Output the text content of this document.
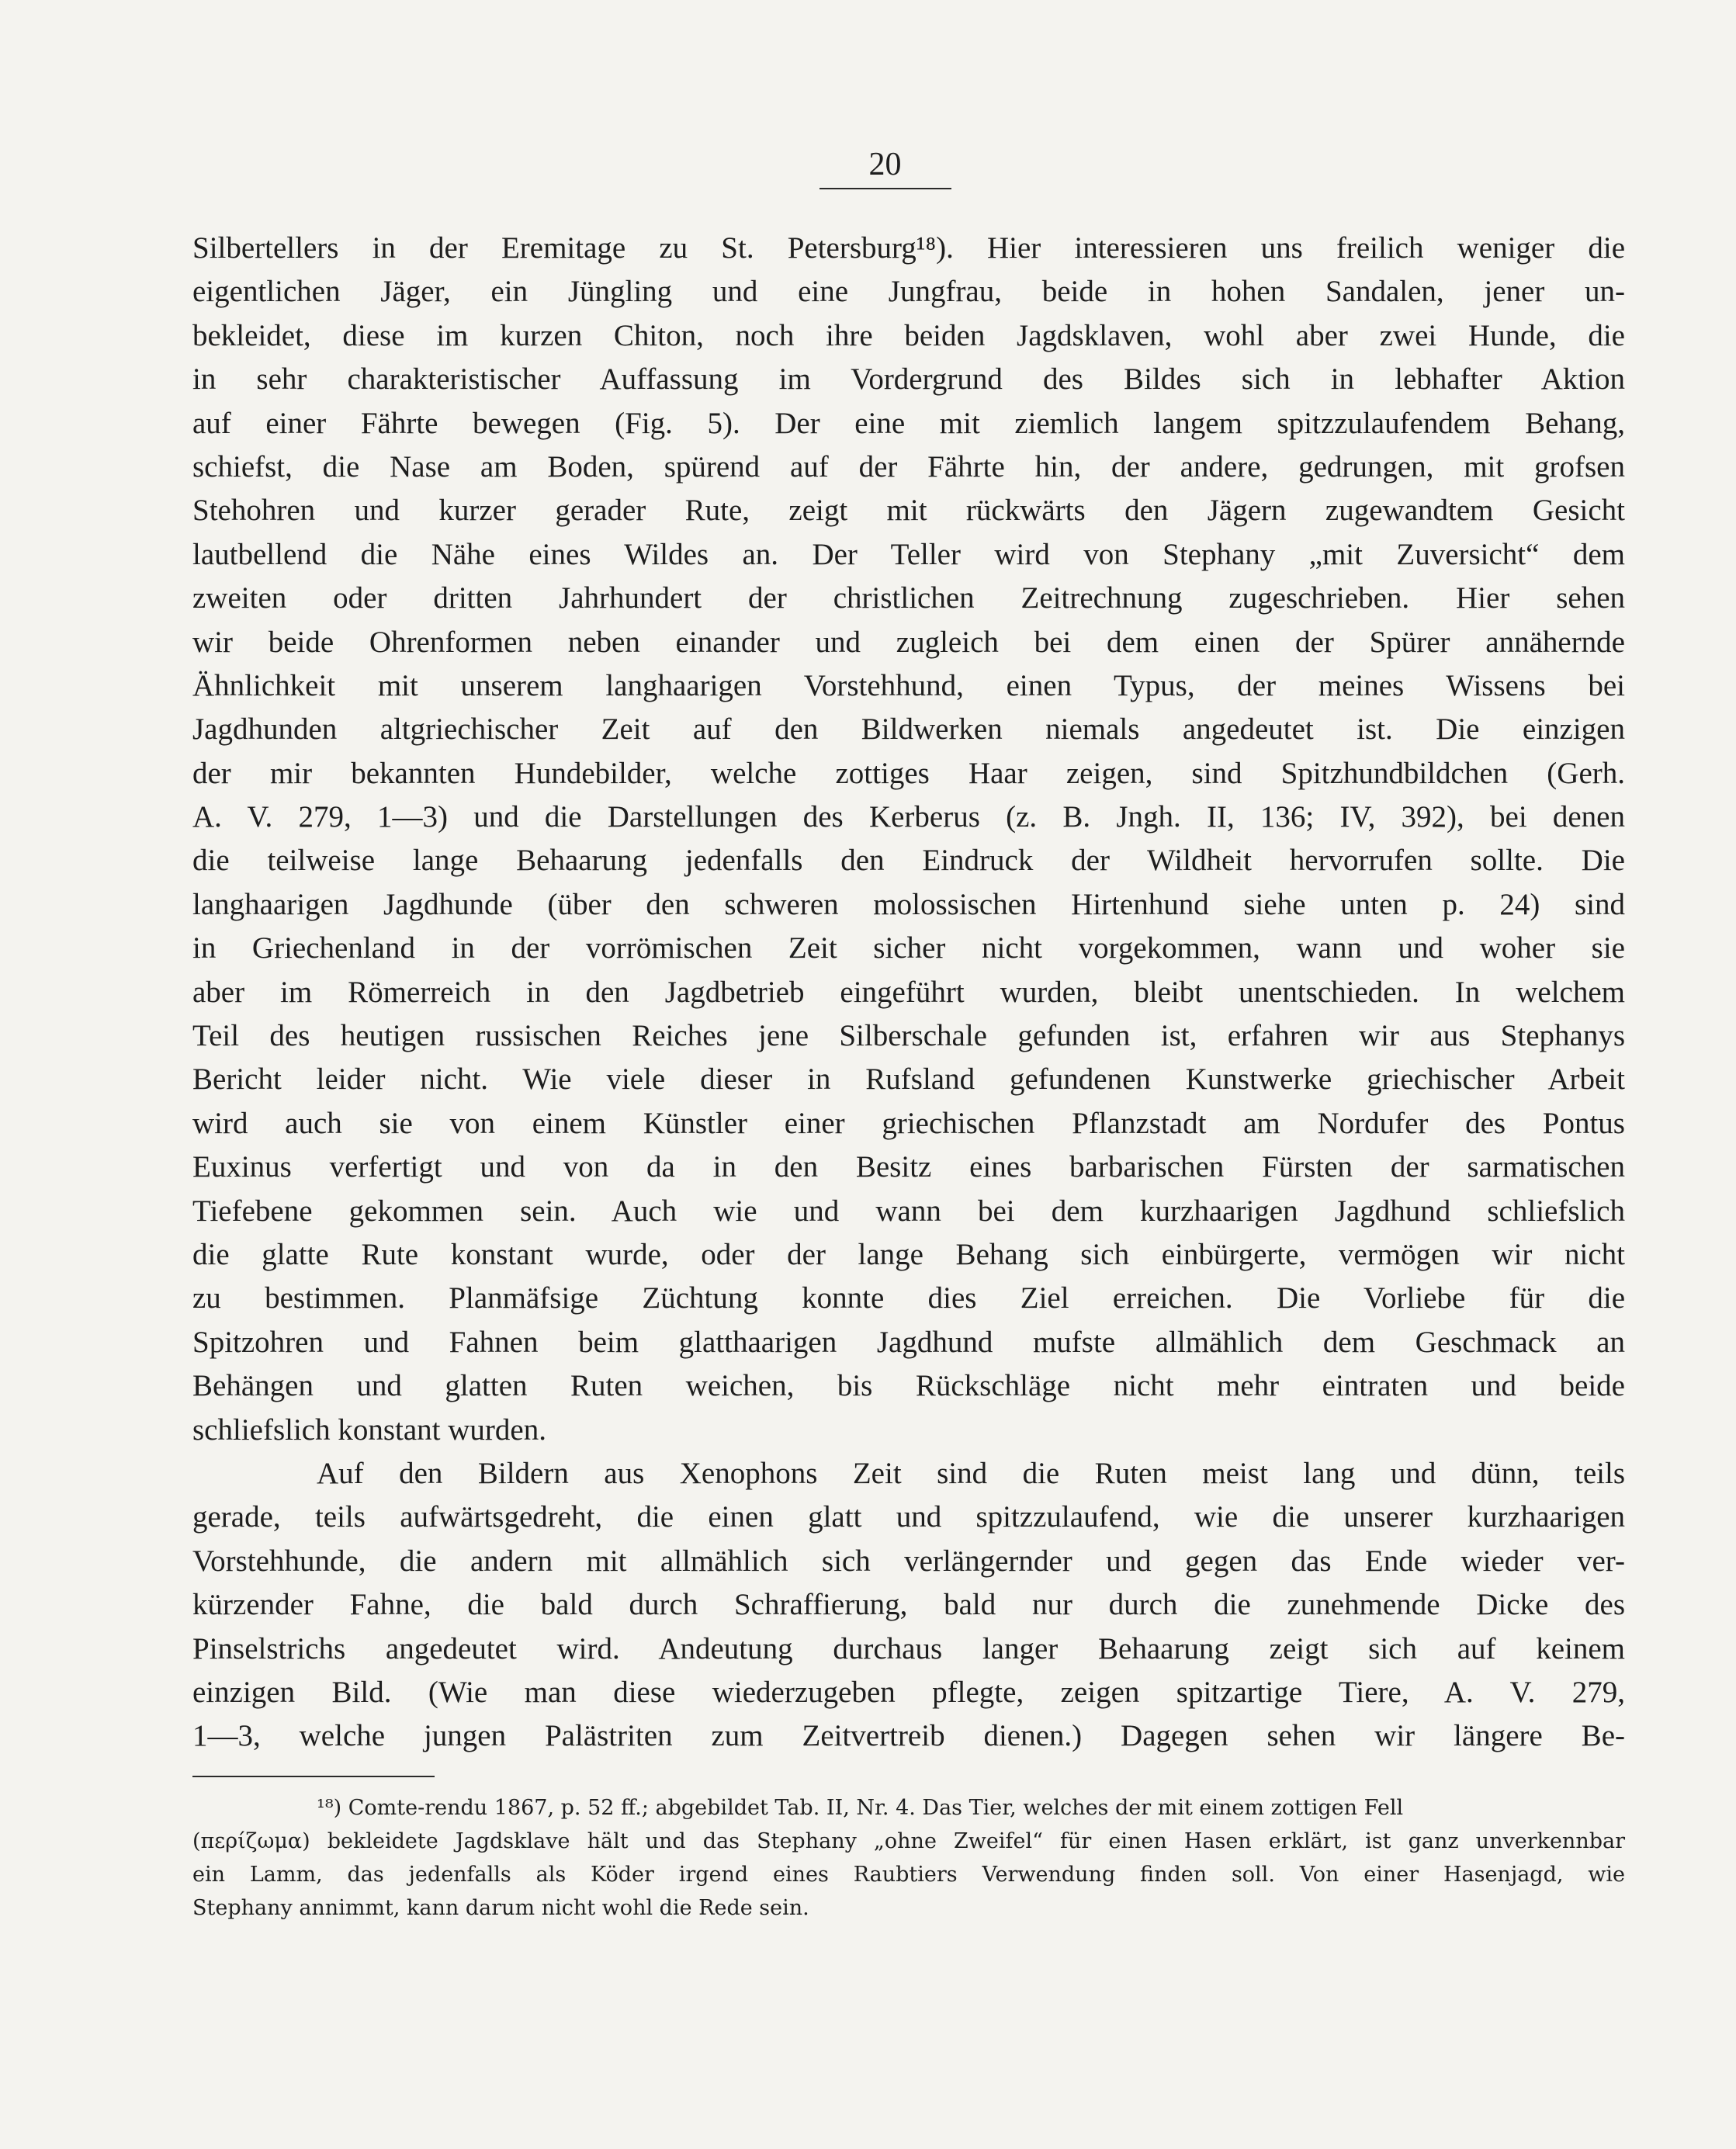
20
Silbertellers in der Eremitage zu St. Petersburg¹⁸). Hier interessieren uns freilich weniger die
eigentlichen Jäger, ein Jüngling und eine Jungfrau, beide in hohen Sandalen, jener un-
bekleidet, diese im kurzen Chiton, noch ihre beiden Jagdsklaven, wohl aber zwei Hunde, die
in sehr charakteristischer Auffassung im Vordergrund des Bildes sich in lebhafter Aktion
auf einer Fährte bewegen (Fig. 5). Der eine mit ziemlich langem spitzzulaufendem Behang,
schiefst, die Nase am Boden, spürend auf der Fährte hin, der andere, gedrungen, mit grofsen
Stehohren und kurzer gerader Rute, zeigt mit rückwärts den Jägern zugewandtem Gesicht
lautbellend die Nähe eines Wildes an. Der Teller wird von Stephany „mit Zuversicht“ dem
zweiten oder dritten Jahrhundert der christlichen Zeitrechnung zugeschrieben. Hier sehen
wir beide Ohrenformen neben einander und zugleich bei dem einen der Spürer annähernde
Ähnlichkeit mit unserem langhaarigen Vorstehhund, einen Typus, der meines Wissens bei
Jagdhunden altgriechischer Zeit auf den Bildwerken niemals angedeutet ist. Die einzigen
der mir bekannten Hundebilder, welche zottiges Haar zeigen, sind Spitzhundbildchen (Gerh.
A. V. 279, 1—3) und die Darstellungen des Kerberus (z. B. Jngh. II, 136; IV, 392), bei denen
die teilweise lange Behaarung jedenfalls den Eindruck der Wildheit hervorrufen sollte. Die
langhaarigen Jagdhunde (über den schweren molossischen Hirtenhund siehe unten p. 24) sind
in Griechenland in der vorrömischen Zeit sicher nicht vorgekommen, wann und woher sie
aber im Römerreich in den Jagdbetrieb eingeführt wurden, bleibt unentschieden. In welchem
Teil des heutigen russischen Reiches jene Silberschale gefunden ist, erfahren wir aus Stephanys
Bericht leider nicht. Wie viele dieser in Rufsland gefundenen Kunstwerke griechischer Arbeit
wird auch sie von einem Künstler einer griechischen Pflanzstadt am Nordufer des Pontus
Euxinus verfertigt und von da in den Besitz eines barbarischen Fürsten der sarmatischen
Tiefebene gekommen sein. Auch wie und wann bei dem kurzhaarigen Jagdhund schliefslich
die glatte Rute konstant wurde, oder der lange Behang sich einbürgerte, vermögen wir nicht
zu bestimmen. Planmäfsige Züchtung konnte dies Ziel erreichen. Die Vorliebe für die
Spitzohren und Fahnen beim glatthaarigen Jagdhund mufste allmählich dem Geschmack an
Behängen und glatten Ruten weichen, bis Rückschläge nicht mehr eintraten und beide
schliefslich konstant wurden.
Auf den Bildern aus Xenophons Zeit sind die Ruten meist lang und dünn, teils
gerade, teils aufwärtsgedreht, die einen glatt und spitzzulaufend, wie die unserer kurzhaarigen
Vorstehhunde, die andern mit allmählich sich verlängernder und gegen das Ende wieder ver-
kürzender Fahne, die bald durch Schraffierung, bald nur durch die zunehmende Dicke des
Pinselstrichs angedeutet wird. Andeutung durchaus langer Behaarung zeigt sich auf keinem
einzigen Bild. (Wie man diese wiederzugeben pflegte, zeigen spitzartige Tiere, A. V. 279,
1—3, welche jungen Palästriten zum Zeitvertreib dienen.) Dagegen sehen wir längere Be-
¹⁸) Comte-rendu 1867, p. 52 ff.; abgebildet Tab. II, Nr. 4. Das Tier, welches der mit einem zottigen Fell
(περίζωμα) bekleidete Jagdsklave hält und das Stephany „ohne Zweifel“ für einen Hasen erklärt, ist ganz unverkennbar
ein Lamm, das jedenfalls als Köder irgend eines Raubtiers Verwendung finden soll. Von einer Hasenjagd, wie
Stephany annimmt, kann darum nicht wohl die Rede sein.
